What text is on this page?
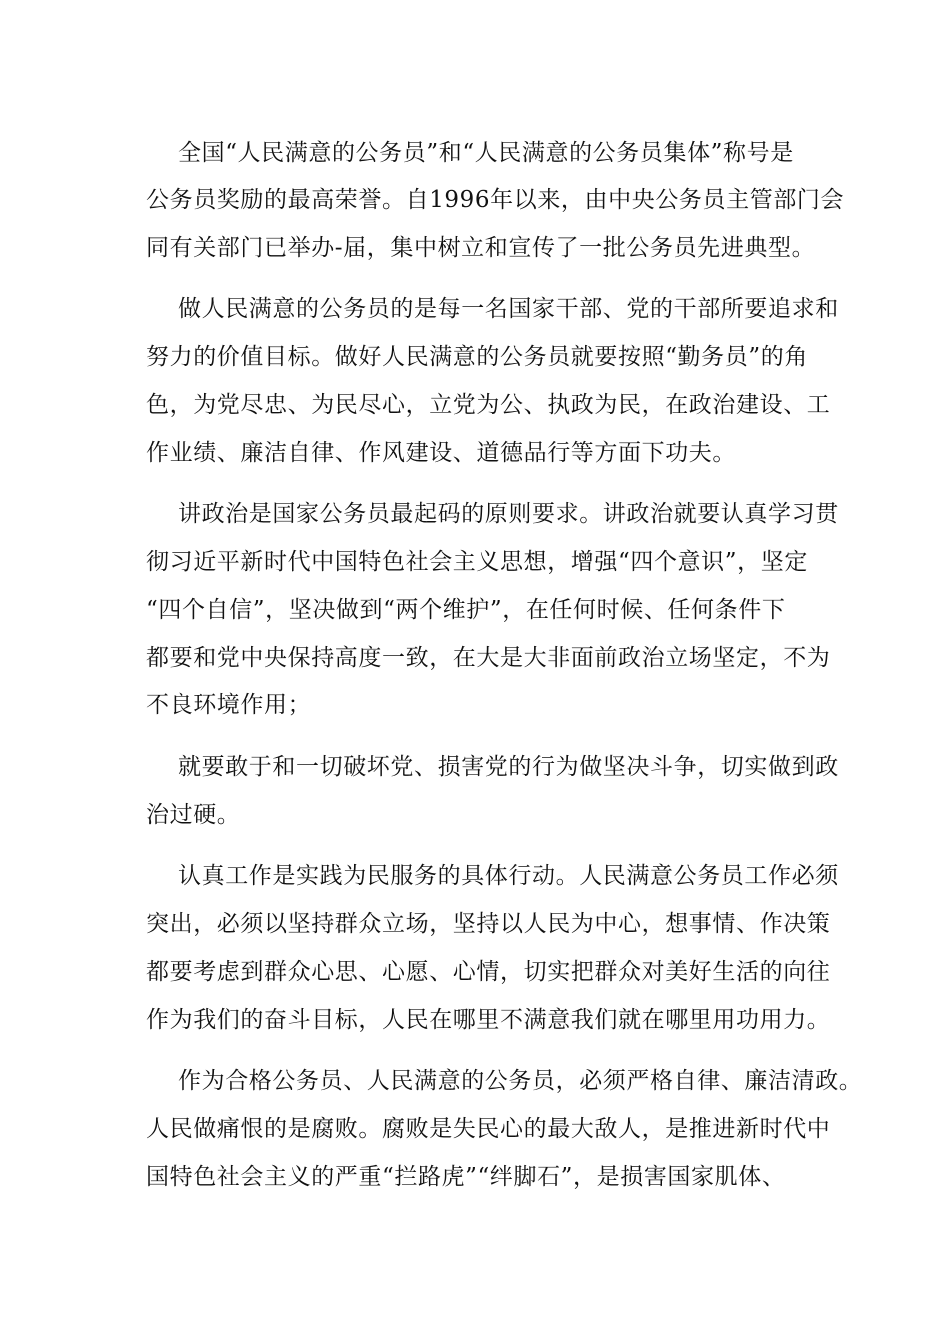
全国“人民满意的公务员”和“人民满意的公务员集体”称号是
公务员奖励的最高荣誉。自1996年以来，由中央公务员主管部门会
同有关部门已举办-届，集中树立和宣传了一批公务员先进典型。
做人民满意的公务员的是每一名国家干部、党的干部所要追求和
努力的价值目标。做好人民满意的公务员就要按照“勤务员”的角
色，为党尽忠、为民尽心，立党为公、执政为民，在政治建设、工
作业绩、廉洁自律、作风建设、道德品行等方面下功夫。
讲政治是国家公务员最起码的原则要求。讲政治就要认真学习贯
彻习近平新时代中国特色社会主义思想，增强“四个意识”，坚定
“四个自信”，坚决做到“两个维护”，在任何时候、任何条件下
都要和党中央保持高度一致，在大是大非面前政治立场坚定，不为
不良环境作用；
就要敢于和一切破坏党、损害党的行为做坚决斗争，切实做到政
治过硬。
认真工作是实践为民服务的具体行动。人民满意公务员工作必须
突出，必须以坚持群众立场，坚持以人民为中心，想事情、作决策
都要考虑到群众心思、心愿、心情，切实把群众对美好生活的向往
作为我们的奋斗目标，人民在哪里不满意我们就在哪里用功用力。
作为合格公务员、人民满意的公务员，必须严格自律、廉洁清政。
人民做痛恨的是腐败。腐败是失民心的最大敌人，是推进新时代中
国特色社会主义的严重“拦路虎”“绊脚石”，是损害国家肌体、
